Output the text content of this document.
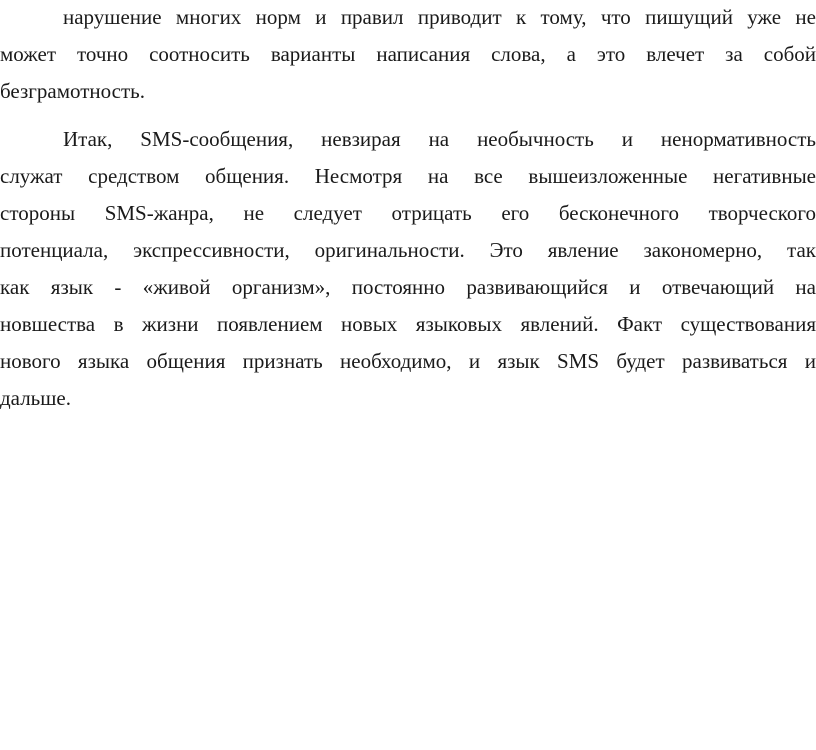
нарушение многих норм и правил приводит к тому, что пишущий уже не
может точно соотносить варианты написания слова, а это влечет за собой
безграмотность.

Итак, SMS-сообщения, невзирая на необычность и ненормативность
служат средством общения. Несмотря на все вышеизложенные негативные
стороны SMS-жанра, не следует отрицать его бесконечного творческого
потенциала, экспрессивности, оригинальности. Это явление закономерно, так
как язык - «живой организм», постоянно развивающийся и отвечающий на
новшества в жизни появлением новых языковых явлений. Факт существования
нового языка общения признать необходимо, и язык SMS будет развиваться и
дальше.
